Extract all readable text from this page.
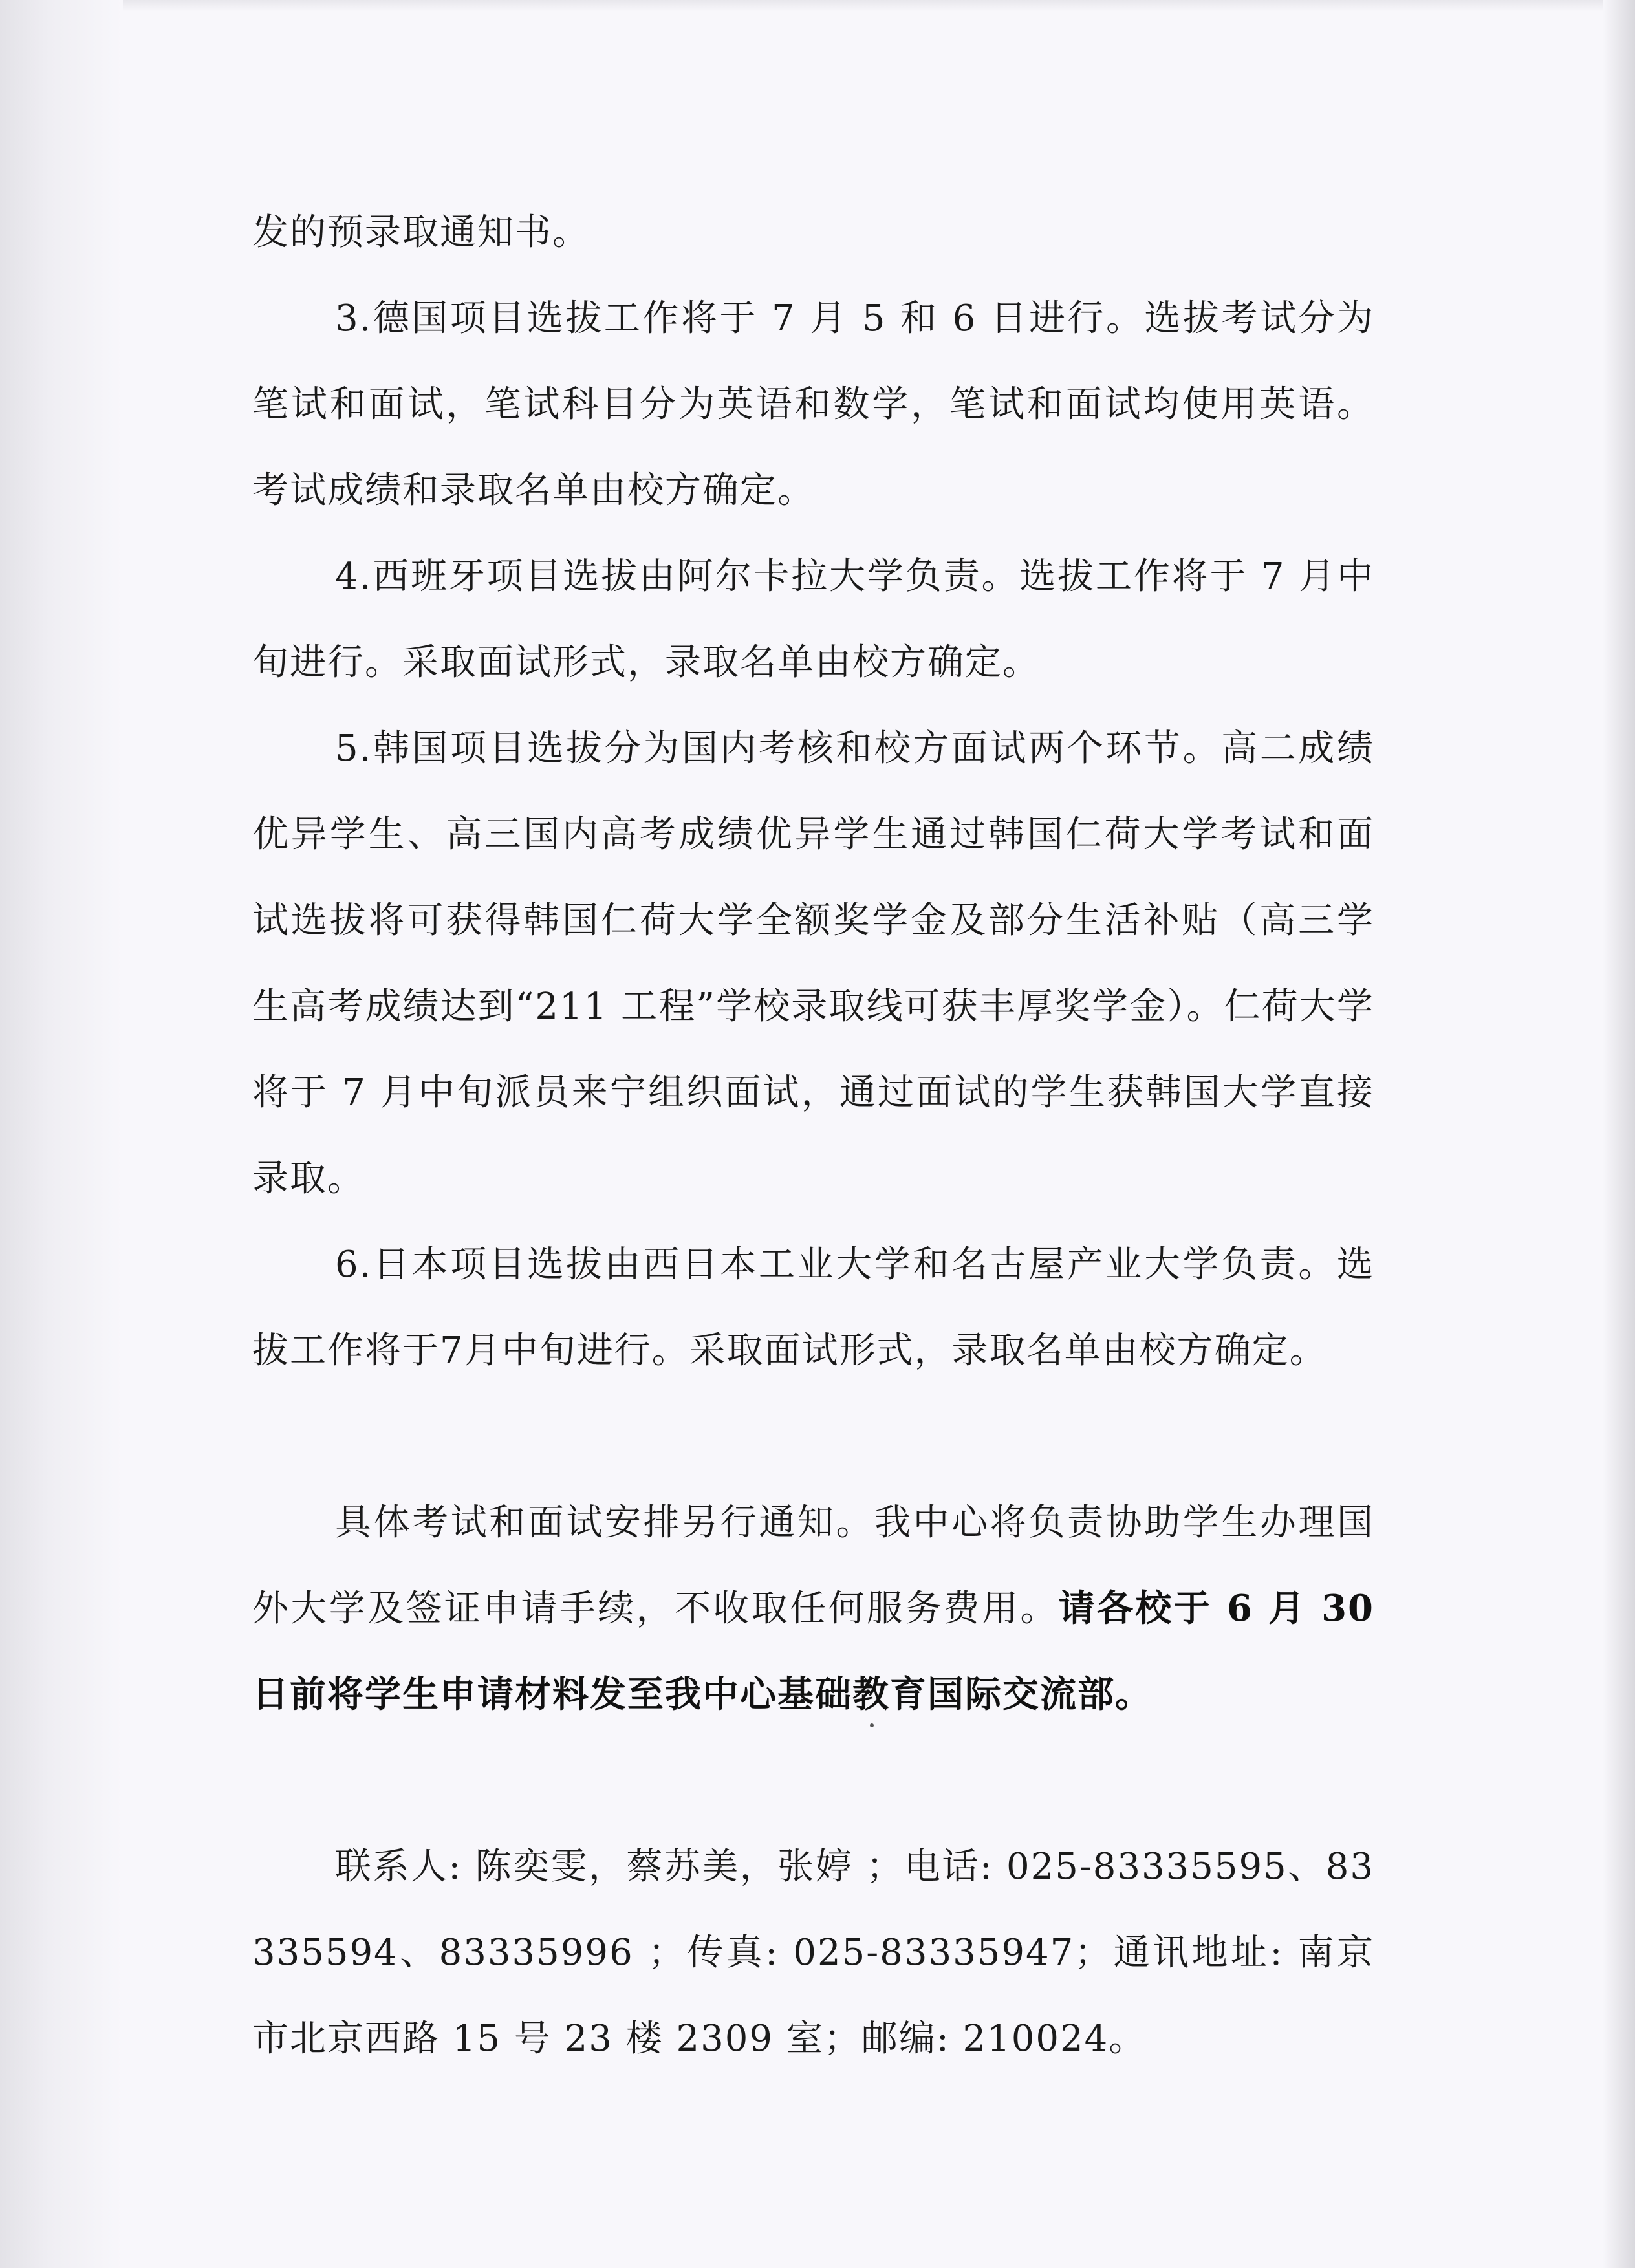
发的预录取通知书。

3.德国项目选拔工作将于 7 月 5 和 6 日进行。选拔考试分为笔试和面试，笔试科目分为英语和数学，笔试和面试均使用英语。考试成绩和录取名单由校方确定。

4.西班牙项目选拔由阿尔卡拉大学负责。选拔工作将于 7 月中旬进行。采取面试形式，录取名单由校方确定。

5.韩国项目选拔分为国内考核和校方面试两个环节。高二成绩优异学生、高三国内高考成绩优异学生通过韩国仁荷大学考试和面试选拔将可获得韩国仁荷大学全额奖学金及部分生活补贴（高三学生高考成绩达到“211 工程”学校录取线可获丰厚奖学金）。仁荷大学将于 7 月中旬派员来宁组织面试，通过面试的学生获韩国大学直接录取。

6.日本项目选拔由西日本工业大学和名古屋产业大学负责。选拔工作将于7月中旬进行。采取面试形式，录取名单由校方确定。

具体考试和面试安排另行通知。我中心将负责协助学生办理国外大学及签证申请手续，不收取任何服务费用。请各校于 6 月 30 日前将学生申请材料发至我中心基础教育国际交流部。

联系人: 陈奕雯，蔡苏美，张婷 ；电话: 025-83335595、83335594、83335996 ；传真: 025-83335947；通讯地址: 南京市北京西路 15 号 23 楼 2309 室；邮编: 210024。
